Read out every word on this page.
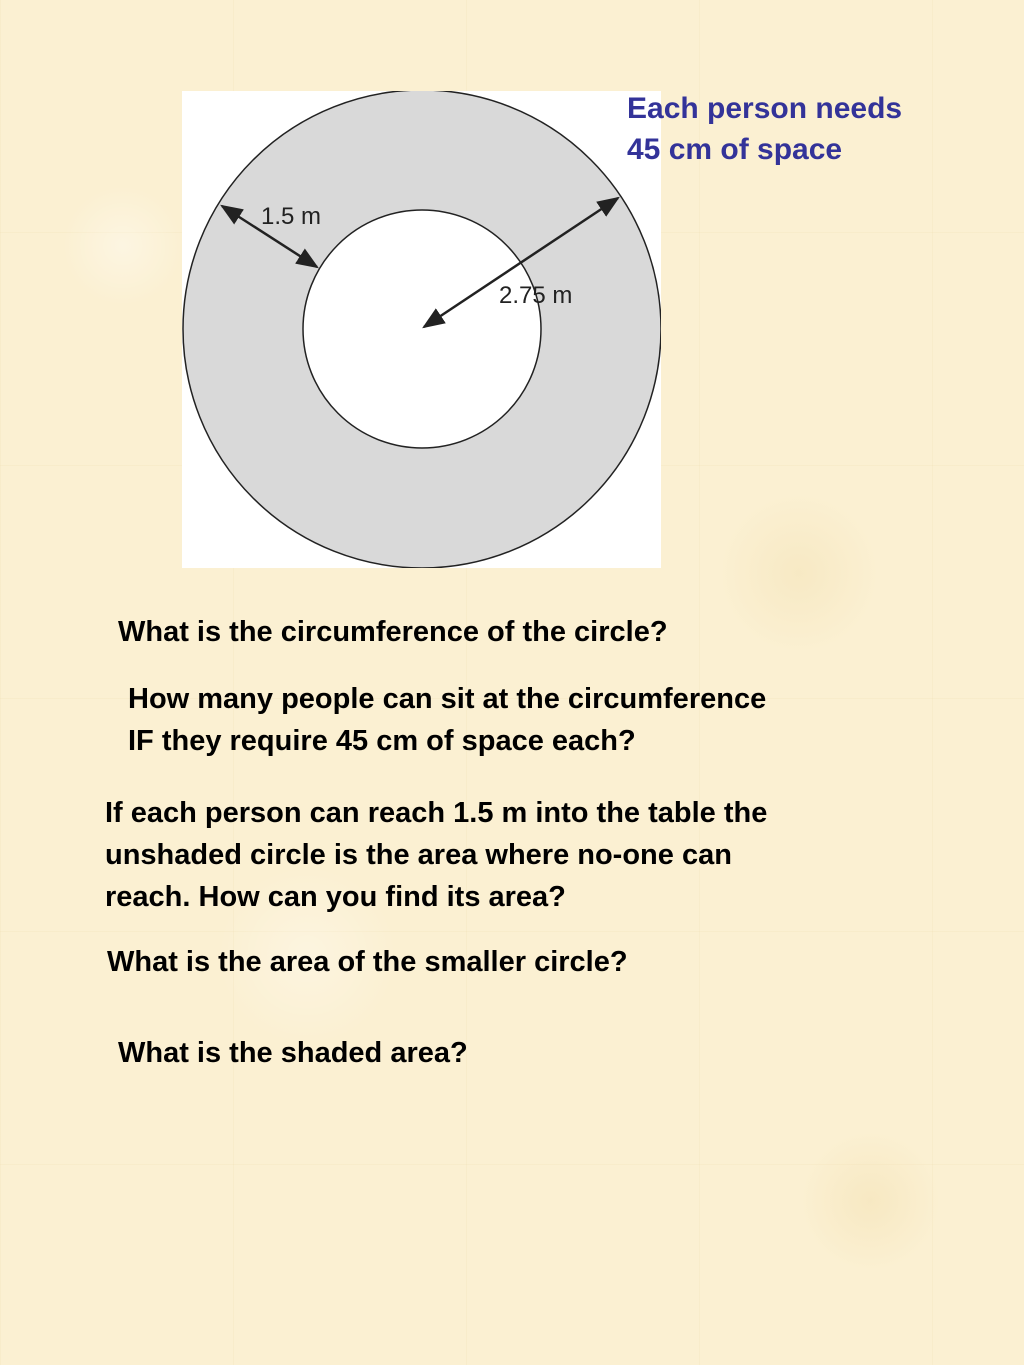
1.5 m
2.75 m
Each person needs
45 cm of space
What is the circumference of the circle?
How many people can sit at the circumference
IF they require 45 cm of space each?
If each person can reach 1.5 m into the table the
unshaded circle is the area where no-one can
reach. How can you find its area?
What is the area of the smaller circle?
What is the shaded area?
